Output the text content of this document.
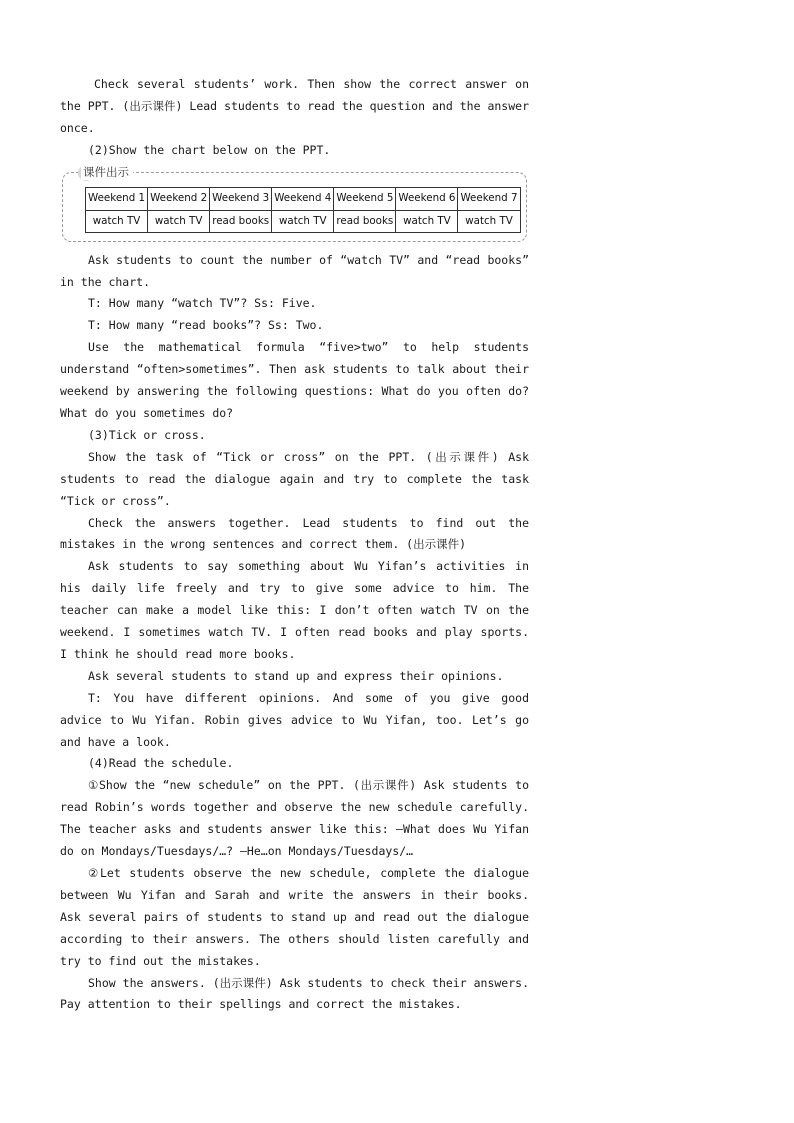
Check several students’ work. Then show the correct answer on the PPT. (出示课件) Lead students to read the question and the answer once.

(2)Show the chart below on the PPT.

课件出示
Weekend 1	Weekend 2	Weekend 3	Weekend 4	Weekend 5	Weekend 6	Weekend 7
watch TV	watch TV	read books	watch TV	read books	watch TV	watch TV

Ask students to count the number of “watch TV” and “read books” in the chart.

T: How many “watch TV”? Ss: Five.

T: How many “read books”? Ss: Two.

Use the mathematical formula “five>two” to help students understand “often>sometimes”. Then ask students to talk about their weekend by answering the following questions: What do you often do? What do you sometimes do?

(3)Tick or cross.

Show the task of “Tick or cross” on the PPT. (出示课件) Ask students to read the dialogue again and try to complete the task “Tick or cross”.

Check the answers together. Lead students to find out the mistakes in the wrong sentences and correct them. (出示课件)

Ask students to say something about Wu Yifan’s activities in his daily life freely and try to give some advice to him. The teacher can make a model like this: I don’t often watch TV on the weekend. I sometimes watch TV. I often read books and play sports. I think he should read more books.

Ask several students to stand up and express their opinions.

T: You have different opinions. And some of you give good advice to Wu Yifan. Robin gives advice to Wu Yifan, too. Let’s go and have a look.

(4)Read the schedule.

①Show the “new schedule” on the PPT. (出示课件) Ask students to read Robin’s words together and observe the new schedule carefully. The teacher asks and students answer like this: —What does Wu Yifan do on Mondays/Tuesdays/…? —He…on Mondays/Tuesdays/…

②Let students observe the new schedule, complete the dialogue between Wu Yifan and Sarah and write the answers in their books. Ask several pairs of students to stand up and read out the dialogue according to their answers. The others should listen carefully and try to find out the mistakes.

Show the answers. (出示课件) Ask students to check their answers. Pay attention to their spellings and correct the mistakes.
